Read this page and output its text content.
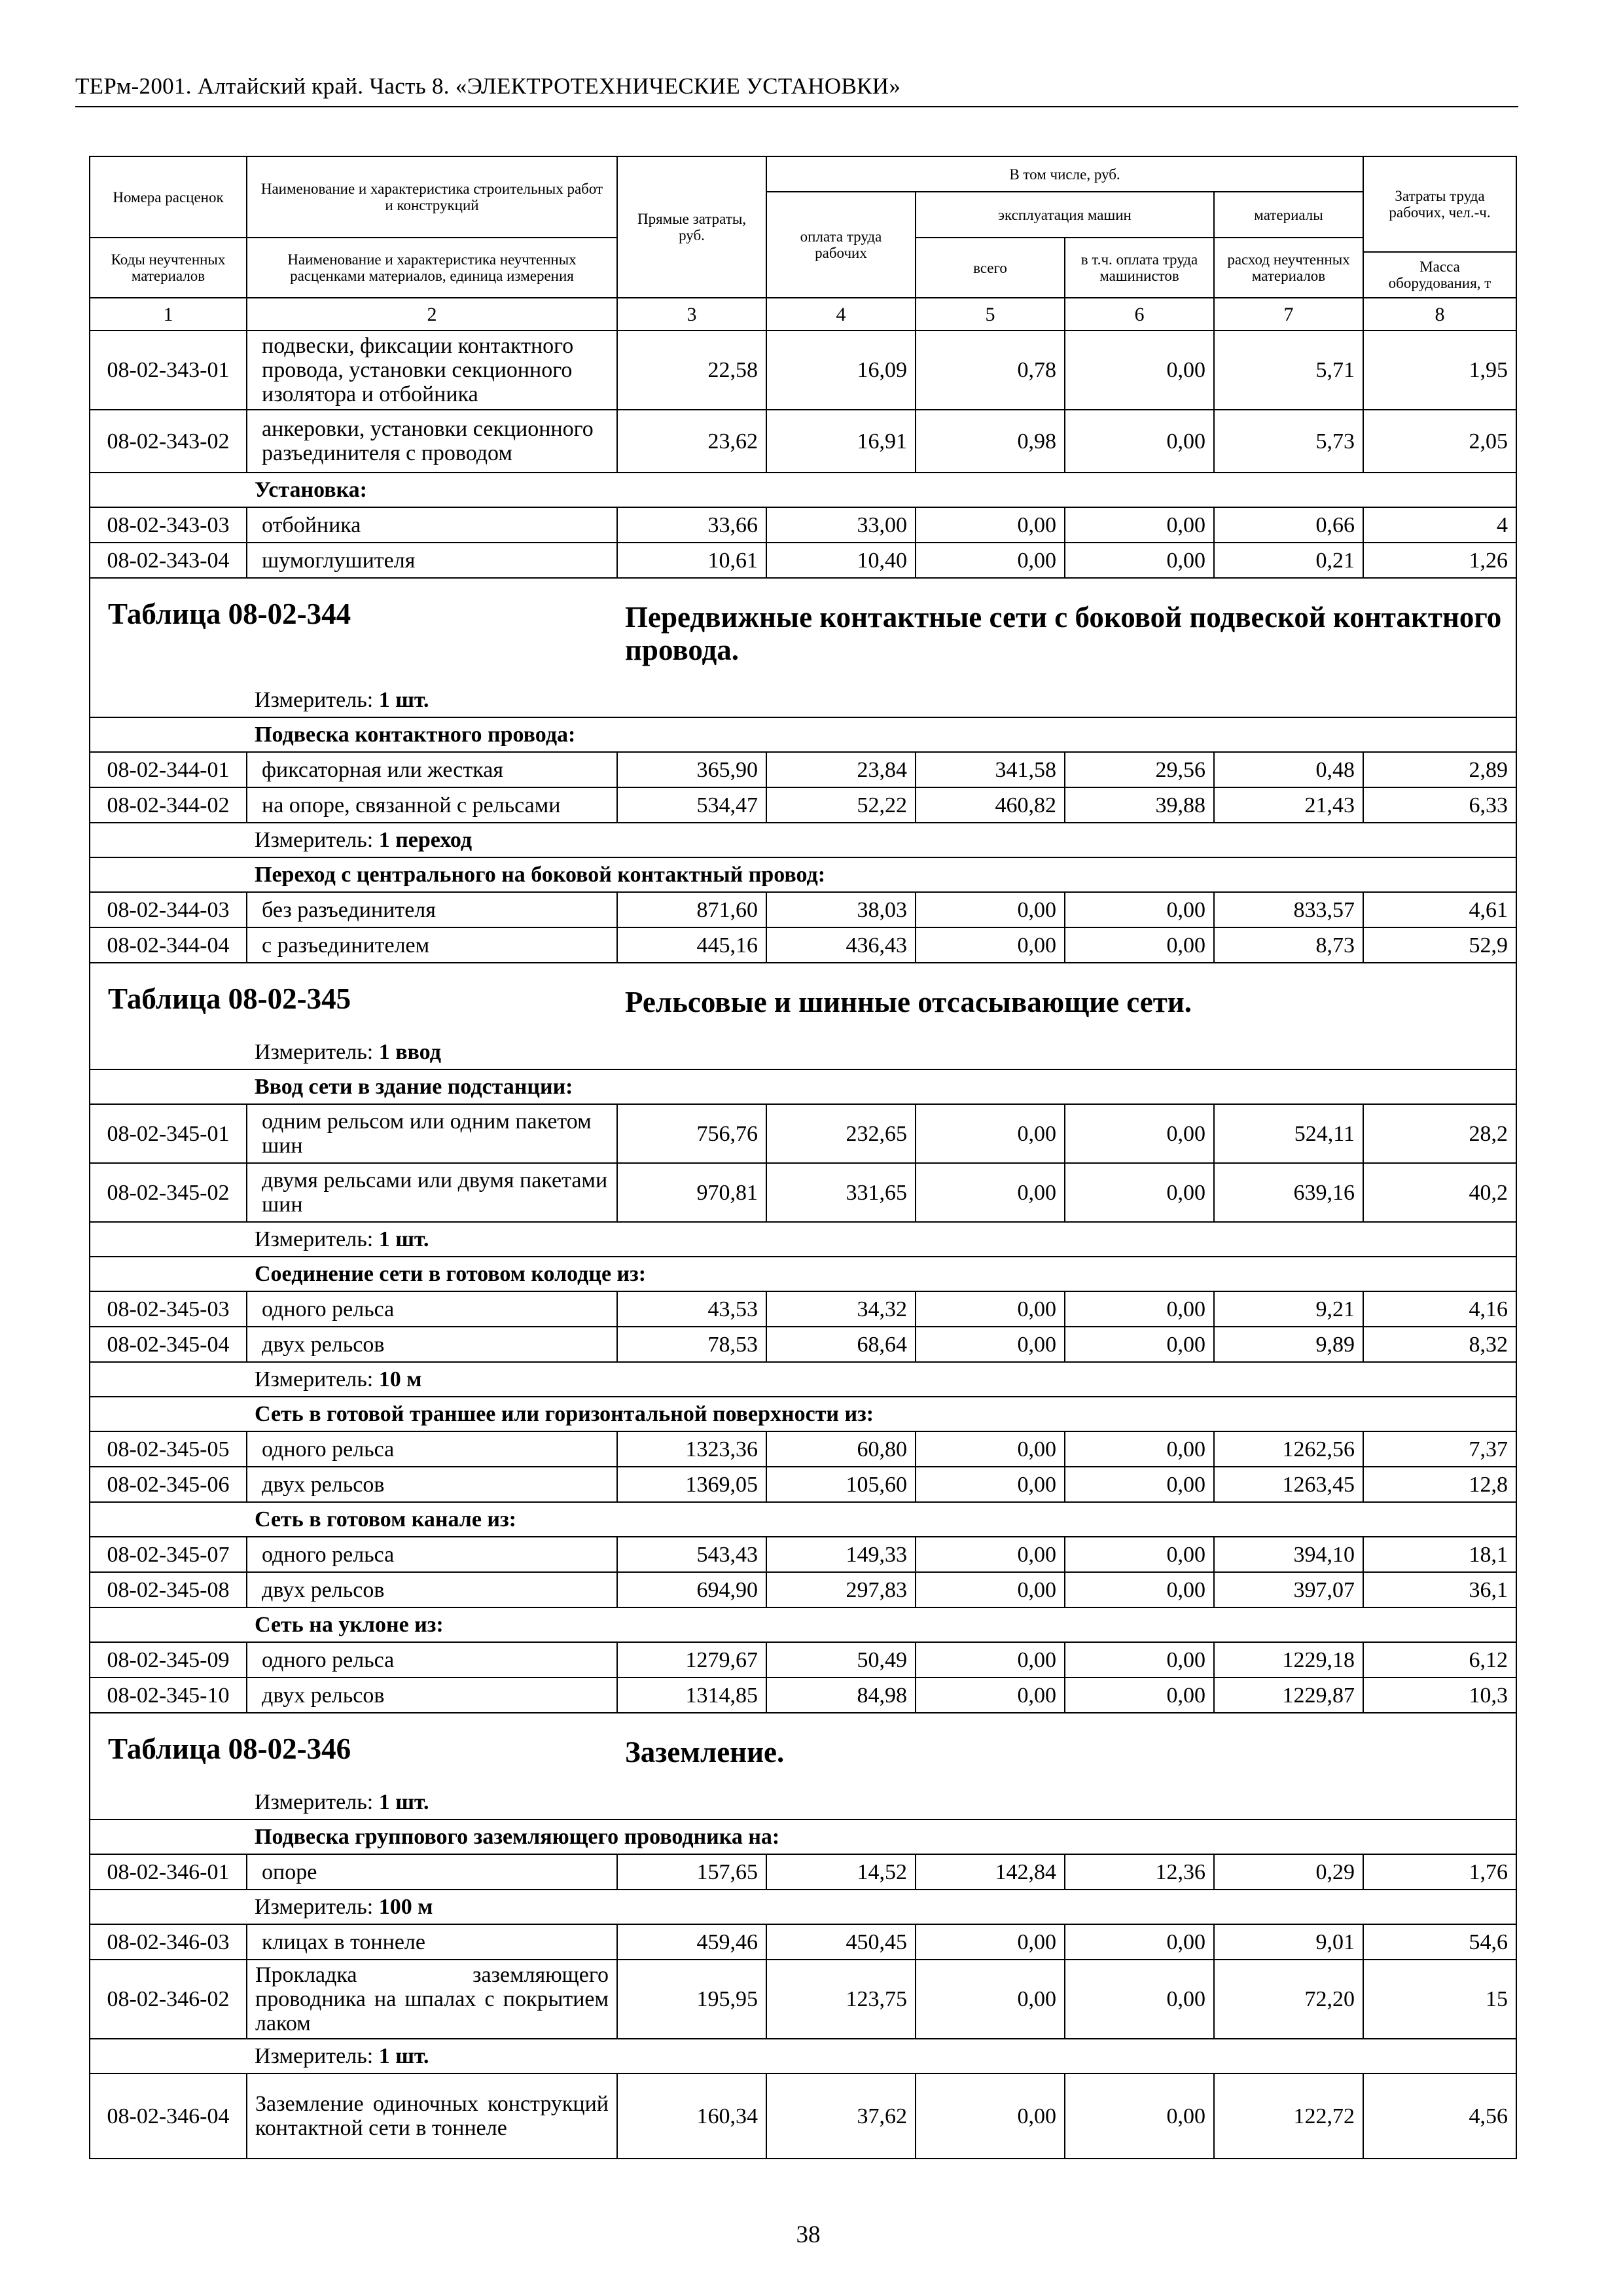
ТЕРм-2001. Алтайский край. Часть 8. «ЭЛЕКТРОТЕХНИЧЕСКИЕ УСТАНОВКИ»
Номера расценок	Наименование и характеристика строительных работ и конструкций	Прямые затраты, руб.	В том числе, руб.				Затраты труда рабочих, чел.-ч.
			оплата труда рабочих	эксплуатация машин		материалы	
Коды неучтенных материалов	Наименование и характеристика неучтенных расценками материалов, единица измерения			всего	в т.ч. оплата труда машинистов	расход неучтенных материалов	
							Масса оборудования, т
1	2	3	4	5	6	7	8
08-02-343-01	подвески, фиксации контактного провода, установки секционного изолятора и отбойника	22,58	16,09	0,78	0,00	5,71	1,95
08-02-343-02	анкеровки, установки секционного разъединителя с проводом	23,62	16,91	0,98	0,00	5,73	2,05
	Установка:						
08-02-343-03	отбойника	33,66	33,00	0,00	0,00	0,66	4
08-02-343-04	шумоглушителя	10,61	10,40	0,00	0,00	0,21	1,26

Таблица 08-02-344 Передвижные контактные сети с боковой подвеской контактного провода.							

	Измеритель: 1 шт.						
	Подвеска контактного провода:						
08-02-344-01	фиксаторная или жесткая	365,90	23,84	341,58	29,56	0,48	2,89
08-02-344-02	на опоре, связанной с рельсами	534,47	52,22	460,82	39,88	21,43	6,33
	Измеритель: 1 переход						
	Переход с центрального на боковой контактный провод:						
08-02-344-03	без разъединителя	871,60	38,03	0,00	0,00	833,57	4,61
08-02-344-04	с разъединителем	445,16	436,43	0,00	0,00	8,73	52,9

Таблица 08-02-345 Рельсовые и шинные отсасывающие сети.							

	Измеритель: 1 ввод						
	Ввод сети в здание подстанции:						
08-02-345-01	одним рельсом или одним пакетом шин	756,76	232,65	0,00	0,00	524,11	28,2
08-02-345-02	двумя рельсами или двумя пакетами шин	970,81	331,65	0,00	0,00	639,16	40,2
	Измеритель: 1 шт.						
	Соединение сети в готовом колодце из:						
08-02-345-03	одного рельса	43,53	34,32	0,00	0,00	9,21	4,16
08-02-345-04	двух рельсов	78,53	68,64	0,00	0,00	9,89	8,32
	Измеритель: 10 м						
	Сеть в готовой траншее или горизонтальной поверхности из:						
08-02-345-05	одного рельса	1323,36	60,80	0,00	0,00	1262,56	7,37
08-02-345-06	двух рельсов	1369,05	105,60	0,00	0,00	1263,45	12,8
	Сеть в готовом канале из:						
08-02-345-07	одного рельса	543,43	149,33	0,00	0,00	394,10	18,1
08-02-345-08	двух рельсов	694,90	297,83	0,00	0,00	397,07	36,1
	Сеть на уклоне из:						
08-02-345-09	одного рельса	1279,67	50,49	0,00	0,00	1229,18	6,12
08-02-345-10	двух рельсов	1314,85	84,98	0,00	0,00	1229,87	10,3

Таблица 08-02-346 Заземление.							

	Измеритель: 1 шт.						
	Подвеска группового заземляющего проводника на:						
08-02-346-01	опоре	157,65	14,52	142,84	12,36	0,29	1,76
	Измеритель: 100 м						
08-02-346-03	клицах в тоннеле	459,46	450,45	0,00	0,00	9,01	54,6
08-02-346-02	Прокладка заземляющего проводника на шпалах с покрытием лаком	195,95	123,75	0,00	0,00	72,20	15
	Измеритель: 1 шт.						
08-02-346-04	Заземление одиночных конструкций контактной сети в тоннеле	160,34	37,62	0,00	0,00	122,72	4,56
38
